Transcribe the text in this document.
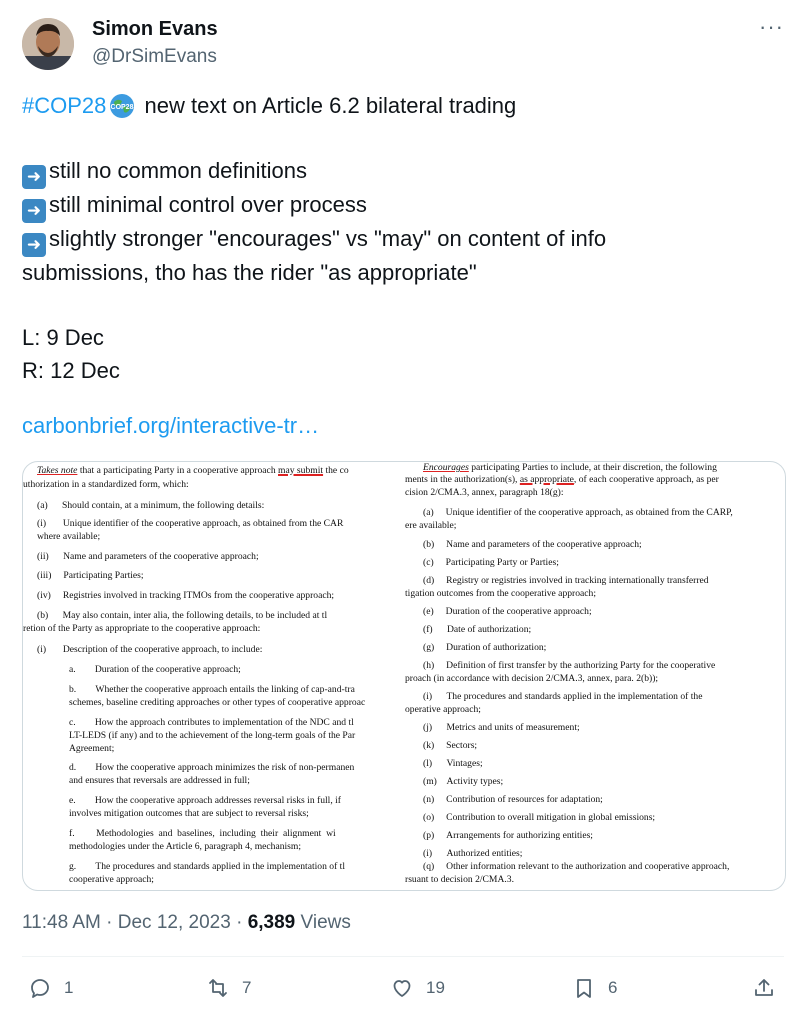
Simon Evans
@DrSimEvans
···
#COP28 COP28 new text on Article 6.2 bilateral trading

➜ still no common definitions
➜ still minimal control over process
➜ slightly stronger "encourages" vs "may" on content of info
submissions, tho has the rider "as appropriate"

L: 9 Dec
R: 12 Dec
carbonbrief.org/interactive-tr…
Takes note that a participating Party in a cooperative approach may submit the co
uthorization in a standardized form, which:
(a)      Should contain, at a minimum, the following details:
(i)       Unique identifier of the cooperative approach, as obtained from the CAR
where available;
(ii)      Name and parameters of the cooperative approach;
(iii)     Participating Parties;
(iv)     Registries involved in tracking ITMOs from the cooperative approach;
(b)      May also contain, inter alia, the following details, to be included at tl
retion of the Party as appropriate to the cooperative approach:
(i)       Description of the cooperative approach, to include:
a.        Duration of the cooperative approach;
b.        Whether the cooperative approach entails the linking of cap-and-tra
schemes, baseline crediting approaches or other types of cooperative approac
c.        How the approach contributes to implementation of the NDC and tl
LT-LEDS (if any) and to the achievement of the long-term goals of the Par
Agreement;
d.        How the cooperative approach minimizes the risk of non-permanen
and ensures that reversals are addressed in full;
e.        How the cooperative approach addresses reversal risks in full, if
involves mitigation outcomes that are subject to reversal risks;
f.         Methodologies  and  baselines,  including  their  alignment  wi
methodologies under the Article 6, paragraph 4, mechanism;
g.        The procedures and standards applied in the implementation of tl
cooperative approach;
Encourages participating Parties to include, at their discretion, the following
ments in the authorization(s), as appropriate, of each cooperative approach, as per
cision 2/CMA.3, annex, paragraph 18(g):
(a)     Unique identifier of the cooperative approach, as obtained from the CARP,
ere available;
(b)     Name and parameters of the cooperative approach;
(c)     Participating Party or Parties;
(d)     Registry or registries involved in tracking internationally transferred
tigation outcomes from the cooperative approach;
(e)     Duration of the cooperative approach;
(f)      Date of authorization;
(g)     Duration of authorization;
(h)     Definition of first transfer by the authorizing Party for the cooperative
proach (in accordance with decision 2/CMA.3, annex, para. 2(b));
(i)      The procedures and standards applied in the implementation of the
operative approach;
(j)      Metrics and units of measurement;
(k)     Sectors;
(l)      Vintages;
(m)    Activity types;
(n)     Contribution of resources for adaptation;
(o)     Contribution to overall mitigation in global emissions;
(p)     Arrangements for authorizing entities;
(i)      Authorized entities;
(q)     Other information relevant to the authorization and cooperative approach,
rsuant to decision 2/CMA.3.
11:48 AM · Dec 12, 2023 · 6,389 Views
1	7	19	6
